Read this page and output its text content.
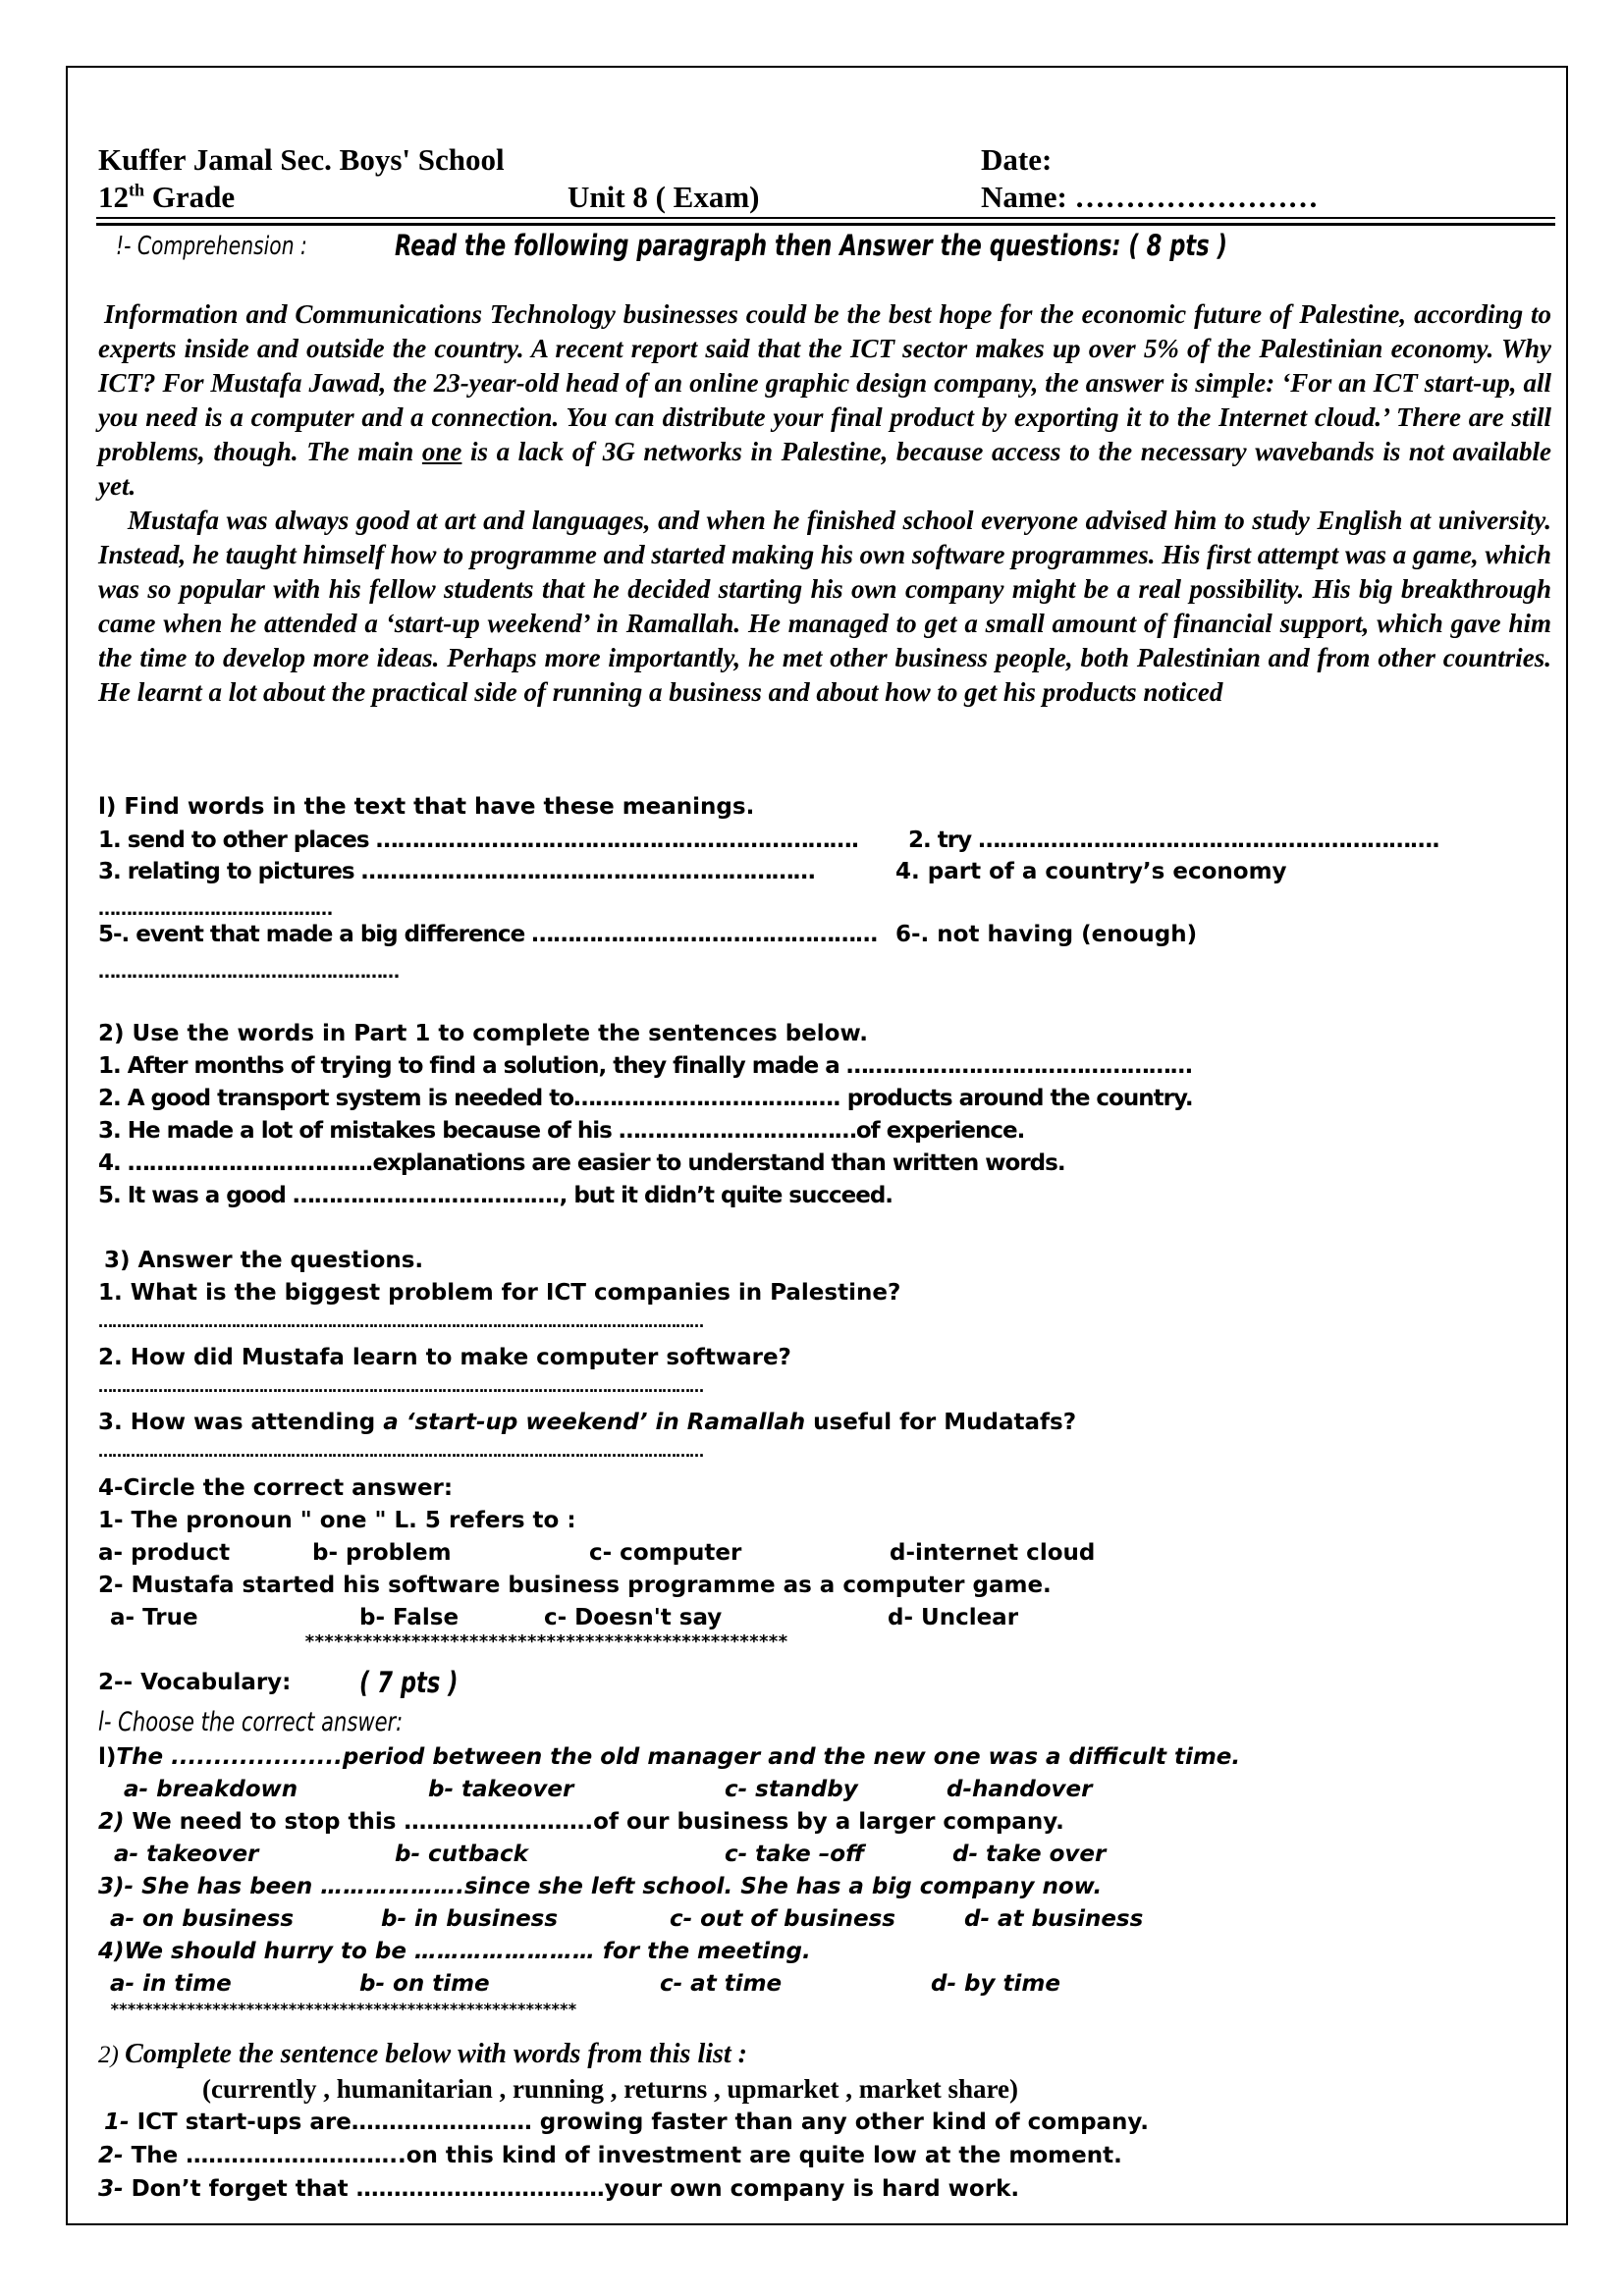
Kuffer Jamal Sec. Boys' School
12th Grade	Unit 8 ( Exam)
Date:
Name: ……………………
!- Comprehension :	Read the following paragraph then Answer the questions: ( 8 pts )

Information and Communications Technology businesses could be the best hope for the economic future of Palestine, according to experts inside and outside the country. A recent report said that the ICT sector makes up over 5% of the Palestinian economy. Why ICT? For Mustafa Jawad, the 23-year-old head of an online graphic design company, the answer is simple: ‘For an ICT start-up, all you need is a computer and a connection. You can distribute your final product by exporting it to the Internet cloud.’ There are still problems, though. The main one is a lack of 3G networks in Palestine, because access to the necessary wavebands is not available yet.

Mustafa was always good at art and languages, and when he finished school everyone advised him to study English at university. Instead, he taught himself how to programme and started making his own software programmes. His first attempt was a game, which was so popular with his fellow students that he decided starting his own company might be a real possibility. His big breakthrough came when he attended a ‘start-up weekend’ in Ramallah. He managed to get a small amount of financial support, which gave him the time to develop more ideas. Perhaps more importantly, he met other business people, both Palestinian and from other countries. He learnt a lot about the practical side of running a business and about how to get his products noticed

l) Find words in the text that have these meanings.
1. send to other places …………………………………………………………. 2. try ……………………………………………………….
3. relating to pictures ………………………………………………………	4. part of a country’s economy
……………………………………
5-. event that made a big difference ………………………………………… 6-. not having (enough)
………………………………………………
2) Use the words in Part 1 to complete the sentences below.
1. After months of trying to find a solution, they finally made a …………………………………………
2. A good transport system is needed to………………………………. products around the country.
3. He made a lot of mistakes because of his ……………………………of experience.
4. …………………………….explanations are easier to understand than written words.
5. It was a good ………………………………., but it didn’t quite succeed.
3) Answer the questions.
1. What is the biggest problem for ICT companies in Palestine?
……………………………………………………………………………………………………………………
2. How did Mustafa learn to make computer software?
……………………………………………………………………………………………………………………
3. How was attending a ‘start-up weekend’ in Ramallah useful for Mudatafs?
……………………………………………………………………………………………………………………
4-Circle the correct answer:
1- The pronoun " one " L. 5 refers to :
a- product	b- problem	c- computer	d-internet cloud
2- Mustafa started his software business programme as a computer game.
a- True	b- False	c- Doesn't say	d- Unclear
**************************************************
2-- Vocabulary: ( 7 pts )
l- Choose the correct answer:
l)The ....................period between the old manager and the new one was a difficult time.
a- breakdown	b- takeover	c- standby	d-handover
2) We need to stop this …………………….of our business by a larger company.
a- takeover	b- cutback	c- take –off	d- take over
3)- She has been ……………….since she left school. She has a big company now.
a- on business	b- in business	c- out of business	d- at business
4)We should hurry to be …………………… for the meeting.
a- in time	b- on time	c- at time	d- by time
*******************************************************
2) Complete the sentence below with words from this list :
(currently , humanitarian , running , returns , upmarket , market share)
1- ICT start-ups are…………………… growing faster than any other kind of company.
2- The ………………………..on this kind of investment are quite low at the moment.
3- Don’t forget that ……………………………your own company is hard work.
